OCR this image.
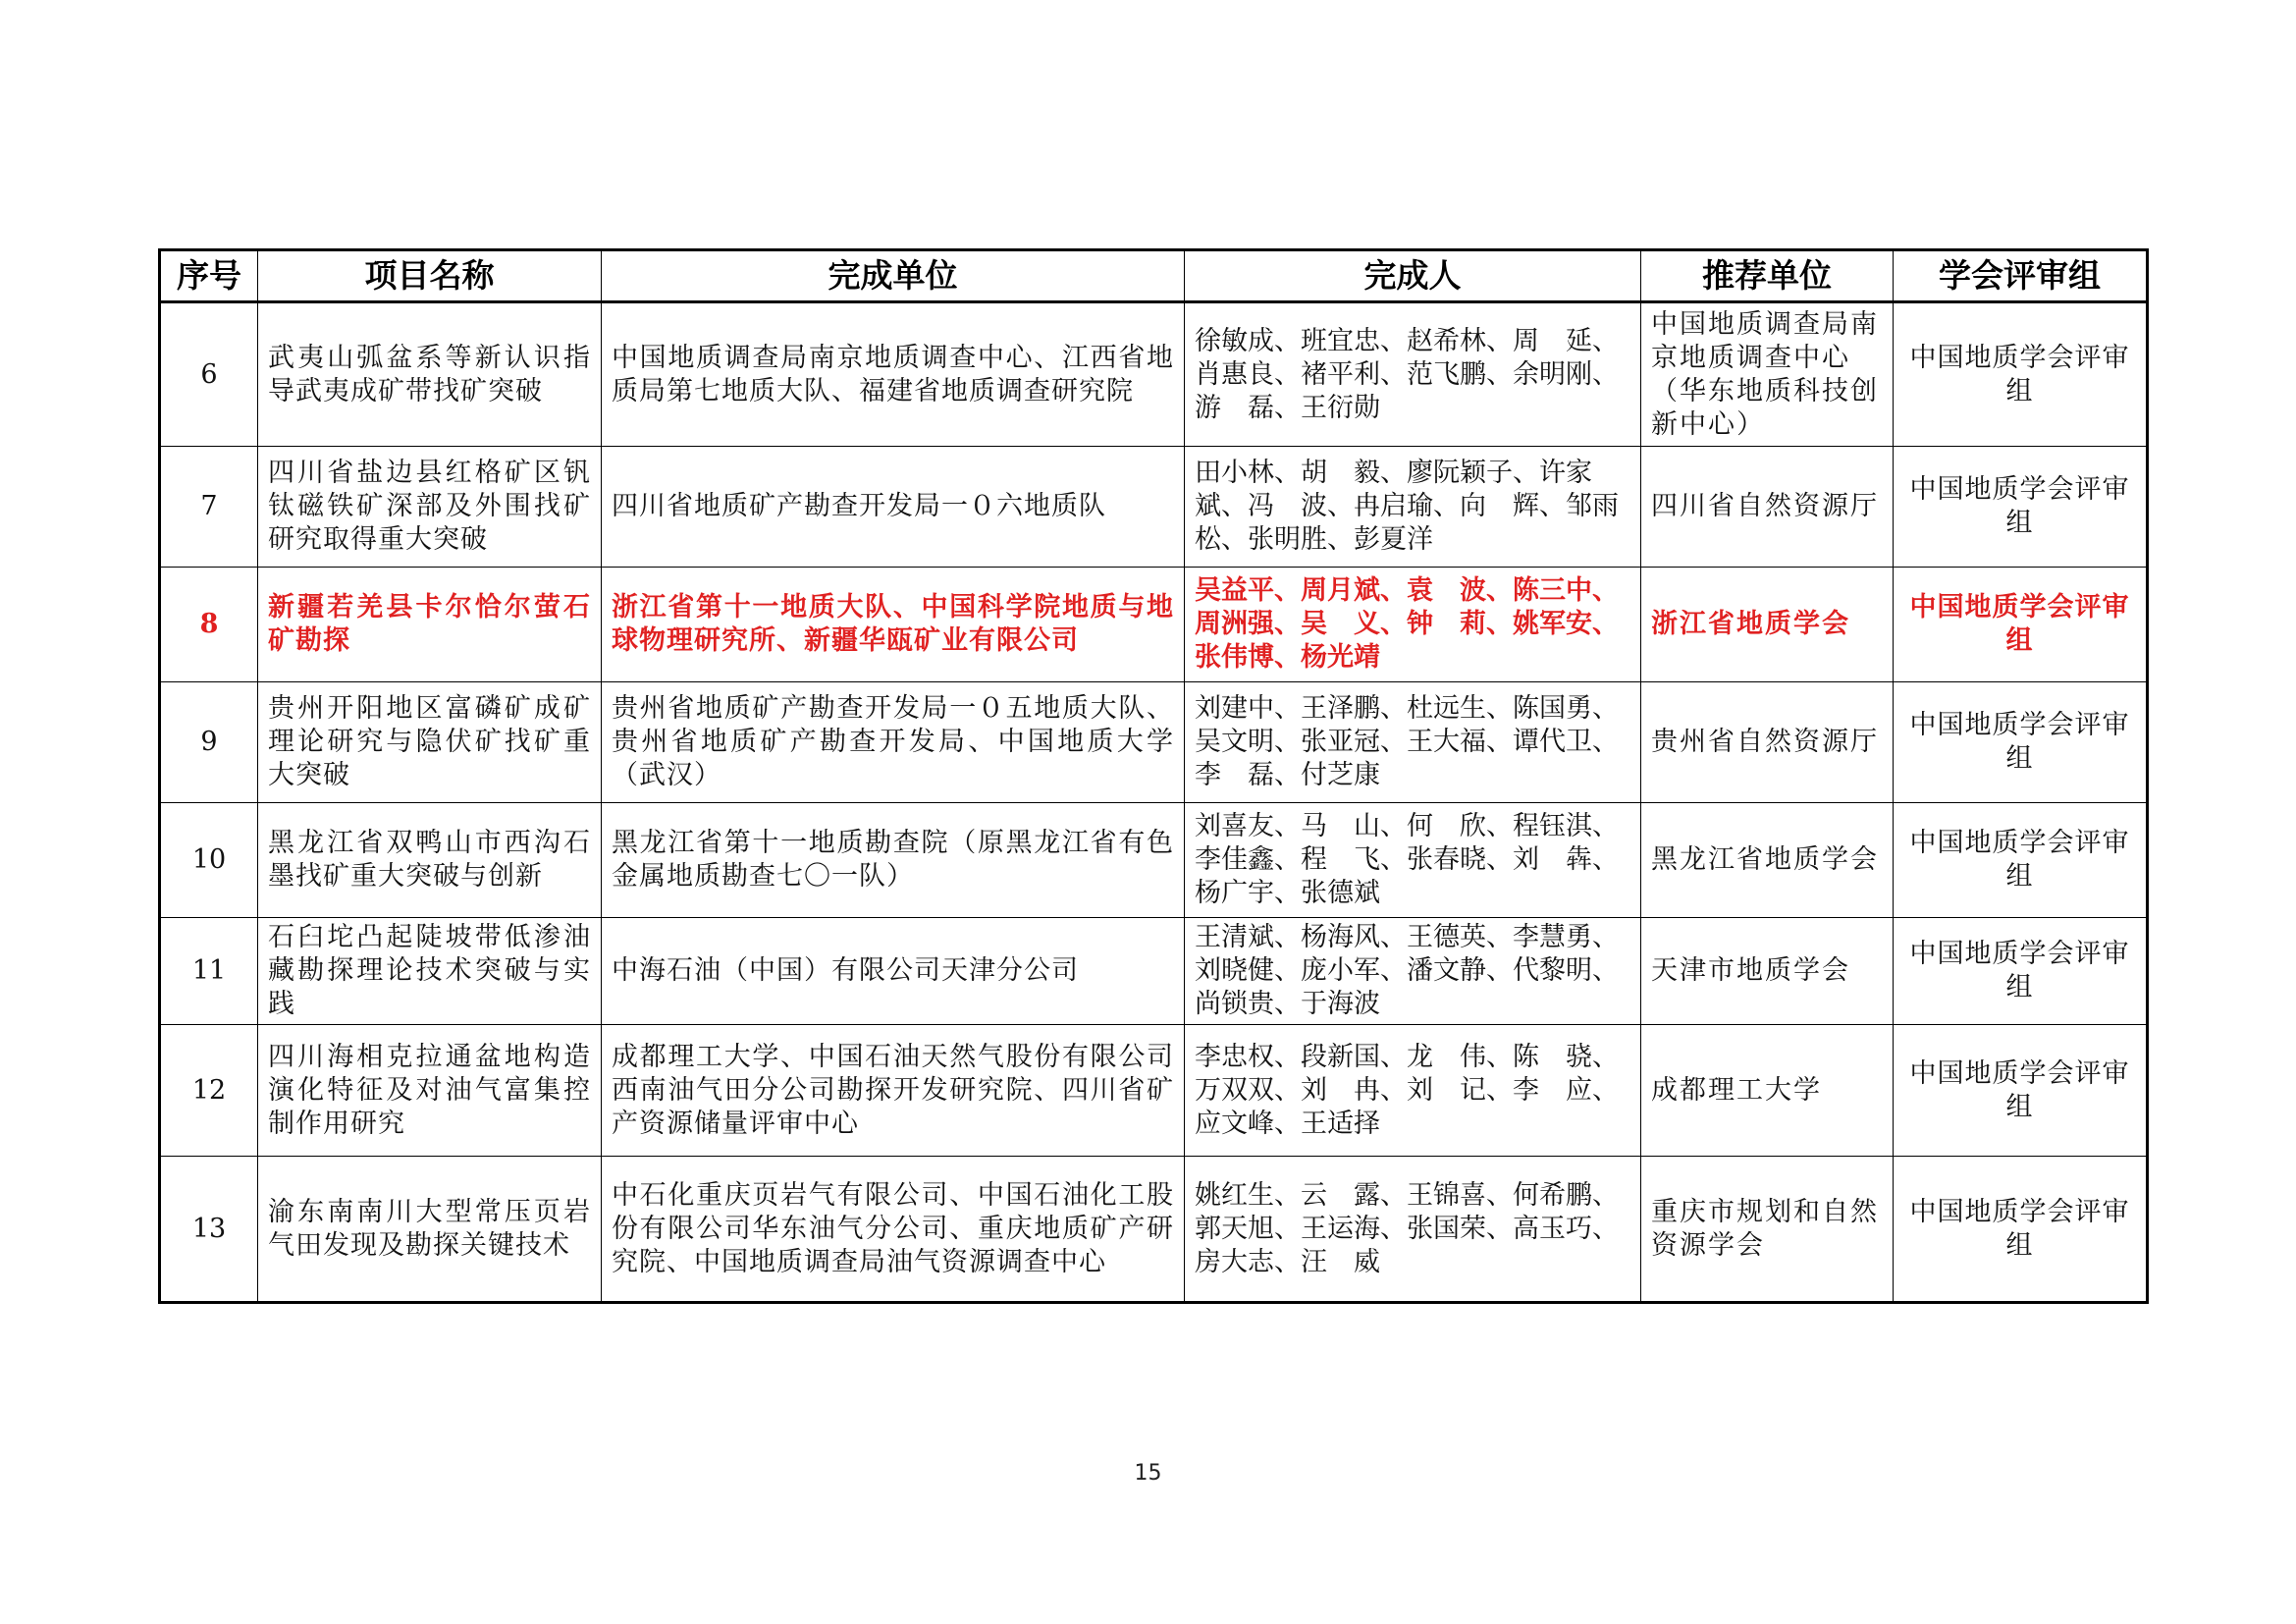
序号	项目名称	完成单位	完成人	推荐单位	学会评审组
6	武夷山弧盆系等新认识指导武夷成矿带找矿突破	中国地质调查局南京地质调查中心、江西省地质局第七地质大队、福建省地质调查研究院	徐敏成、班宜忠、赵希林、周　延、肖惠良、褚平利、范飞鹏、余明刚、游　磊、王衍勋	中国地质调查局南京地质调查中心（华东地质科技创新中心）	中国地质学会评审组
7	四川省盐边县红格矿区钒钛磁铁矿深部及外围找矿研究取得重大突破	四川省地质矿产勘查开发局一０六地质队	田小林、胡　毅、廖阮颖子、许家斌、冯　波、冉启瑜、向　辉、邹雨松、张明胜、彭夏洋	四川省自然资源厅	中国地质学会评审组
8	新疆若羌县卡尔恰尔萤石矿勘探	浙江省第十一地质大队、中国科学院地质与地球物理研究所、新疆华瓯矿业有限公司	吴益平、周月斌、袁　波、陈三中、周洲强、吴　义、钟　莉、姚军安、张伟博、杨光靖	浙江省地质学会	中国地质学会评审组
9	贵州开阳地区富磷矿成矿理论研究与隐伏矿找矿重大突破	贵州省地质矿产勘查开发局一０五地质大队、贵州省地质矿产勘查开发局、中国地质大学（武汉）	刘建中、王泽鹏、杜远生、陈国勇、吴文明、张亚冠、王大福、谭代卫、李　磊、付芝康	贵州省自然资源厅	中国地质学会评审组
10	黑龙江省双鸭山市西沟石墨找矿重大突破与创新	黑龙江省第十一地质勘查院（原黑龙江省有色金属地质勘查七〇一队）	刘喜友、马　山、何　欣、程钰淇、李佳鑫、程　飞、张春晓、刘　犇、杨广宇、张德斌	黑龙江省地质学会	中国地质学会评审组
11	石臼坨凸起陡坡带低渗油藏勘探理论技术突破与实践	中海石油（中国）有限公司天津分公司	王清斌、杨海风、王德英、李慧勇、刘晓健、庞小军、潘文静、代黎明、尚锁贵、于海波	天津市地质学会	中国地质学会评审组
12	四川海相克拉通盆地构造演化特征及对油气富集控制作用研究	成都理工大学、中国石油天然气股份有限公司西南油气田分公司勘探开发研究院、四川省矿产资源储量评审中心	李忠权、段新国、龙　伟、陈　骁、万双双、刘　冉、刘　记、李　应、应文峰、王适择	成都理工大学	中国地质学会评审组
13	渝东南南川大型常压页岩气田发现及勘探关键技术	中石化重庆页岩气有限公司、中国石油化工股份有限公司华东油气分公司、重庆地质矿产研究院、中国地质调查局油气资源调查中心	姚红生、云　露、王锦喜、何希鹏、郭天旭、王运海、张国荣、高玉巧、房大志、汪　威	重庆市规划和自然资源学会	中国地质学会评审组
15
